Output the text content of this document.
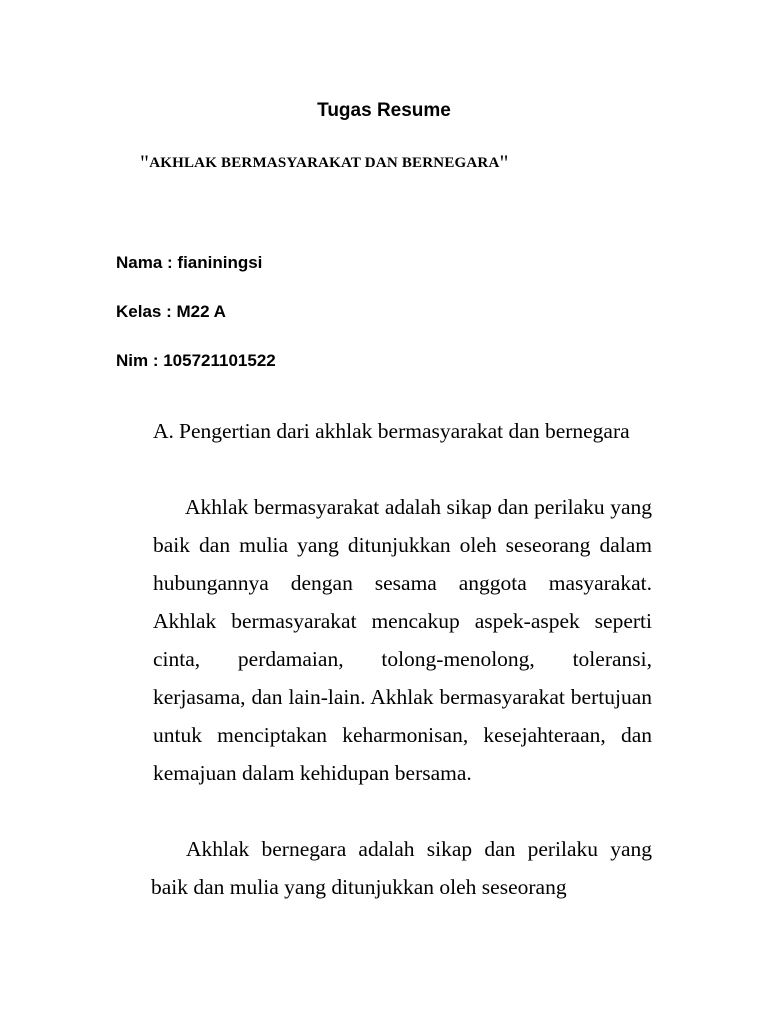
Tugas Resume

"AKHLAK BERMASYARAKAT DAN BERNEGARA"

Nama : fianiningsi

Kelas : M22 A

Nim : 105721101522

A. Pengertian dari akhlak bermasyarakat dan bernegara

Akhlak bermasyarakat adalah sikap dan perilaku yang baik dan mulia yang ditunjukkan oleh seseorang dalam hubungannya dengan sesama anggota masyarakat. Akhlak bermasyarakat mencakup aspek-aspek seperti cinta, perdamaian, tolong-menolong, toleransi, kerjasama, dan lain-lain. Akhlak bermasyarakat bertujuan untuk menciptakan keharmonisan, kesejahteraan, dan kemajuan dalam kehidupan bersama.

Akhlak bernegara adalah sikap dan perilaku yang baik dan mulia yang ditunjukkan oleh seseorang
